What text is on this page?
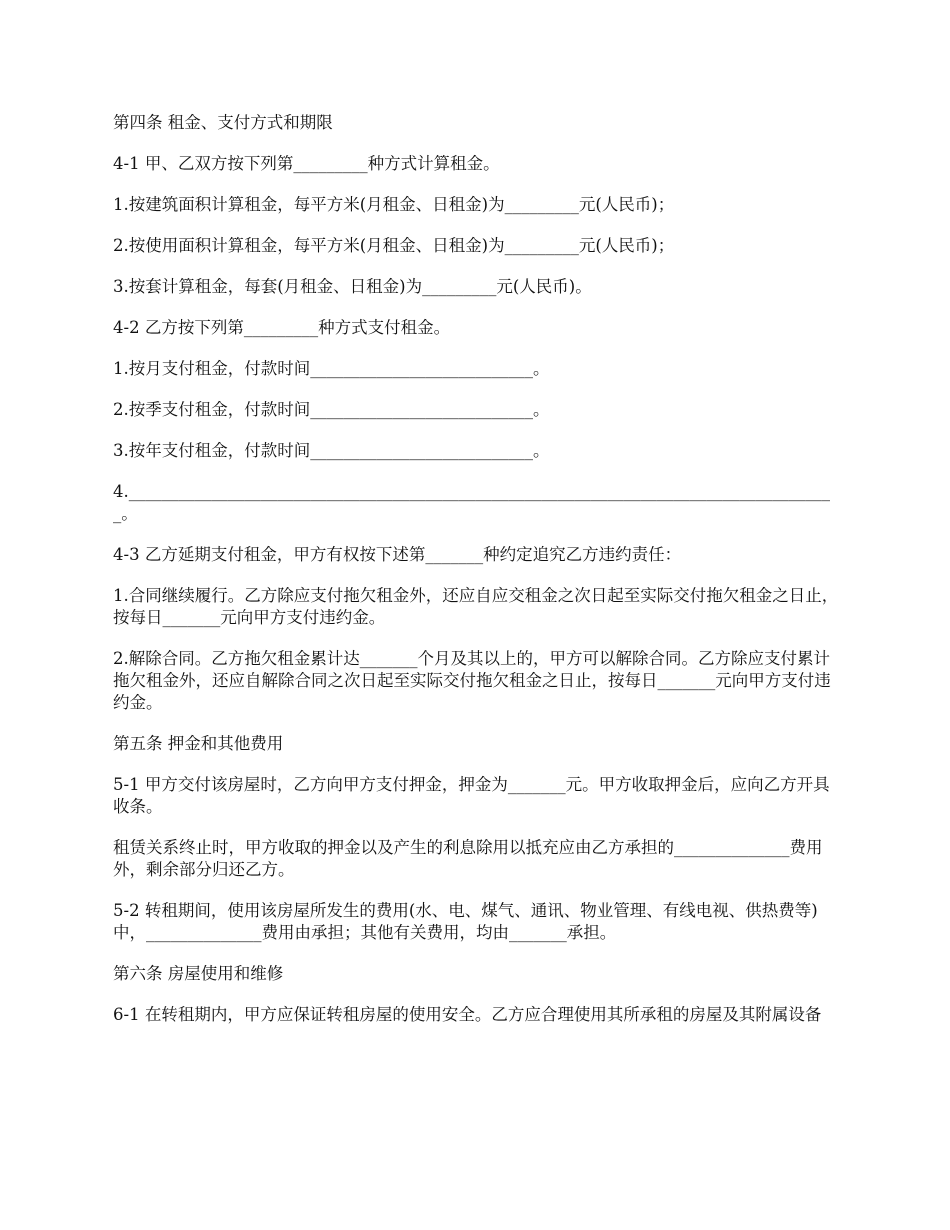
第四条 租金、支付方式和期限

4-1 甲、乙双方按下列第_________种方式计算租金。

1.按建筑面积计算租金，每平方米(月租金、日租金)为_________元(人民币)；

2.按使用面积计算租金，每平方米(月租金、日租金)为_________元(人民币)；

3.按套计算租金，每套(月租金、日租金)为_________元(人民币)。

4-2 乙方按下列第_________种方式支付租金。

1.按月支付租金，付款时间___________________________。

2.按季支付租金，付款时间___________________________。

3.按年支付租金，付款时间___________________________。

4.______________________________________________________________________________________。

4-3 乙方延期支付租金，甲方有权按下述第_______种约定追究乙方违约责任：

1.合同继续履行。乙方除应支付拖欠租金外，还应自应交租金之次日起至实际交付拖欠租金之日止，按每日_______元向甲方支付违约金。

2.解除合同。乙方拖欠租金累计达_______个月及其以上的，甲方可以解除合同。乙方除应支付累计拖欠租金外，还应自解除合同之次日起至实际交付拖欠租金之日止，按每日_______元向甲方支付违约金。

第五条 押金和其他费用

5-1 甲方交付该房屋时，乙方向甲方支付押金，押金为_______元。甲方收取押金后，应向乙方开具收条。

租赁关系终止时，甲方收取的押金以及产生的利息除用以抵充应由乙方承担的______________费用外，剩余部分归还乙方。

5-2 转租期间，使用该房屋所发生的费用(水、电、煤气、通讯、物业管理、有线电视、供热费等)中，______________费用由承担；其他有关费用，均由_______承担。

第六条 房屋使用和维修

6-1 在转租期内，甲方应保证转租房屋的使用安全。乙方应合理使用其所承租的房屋及其附属设备
